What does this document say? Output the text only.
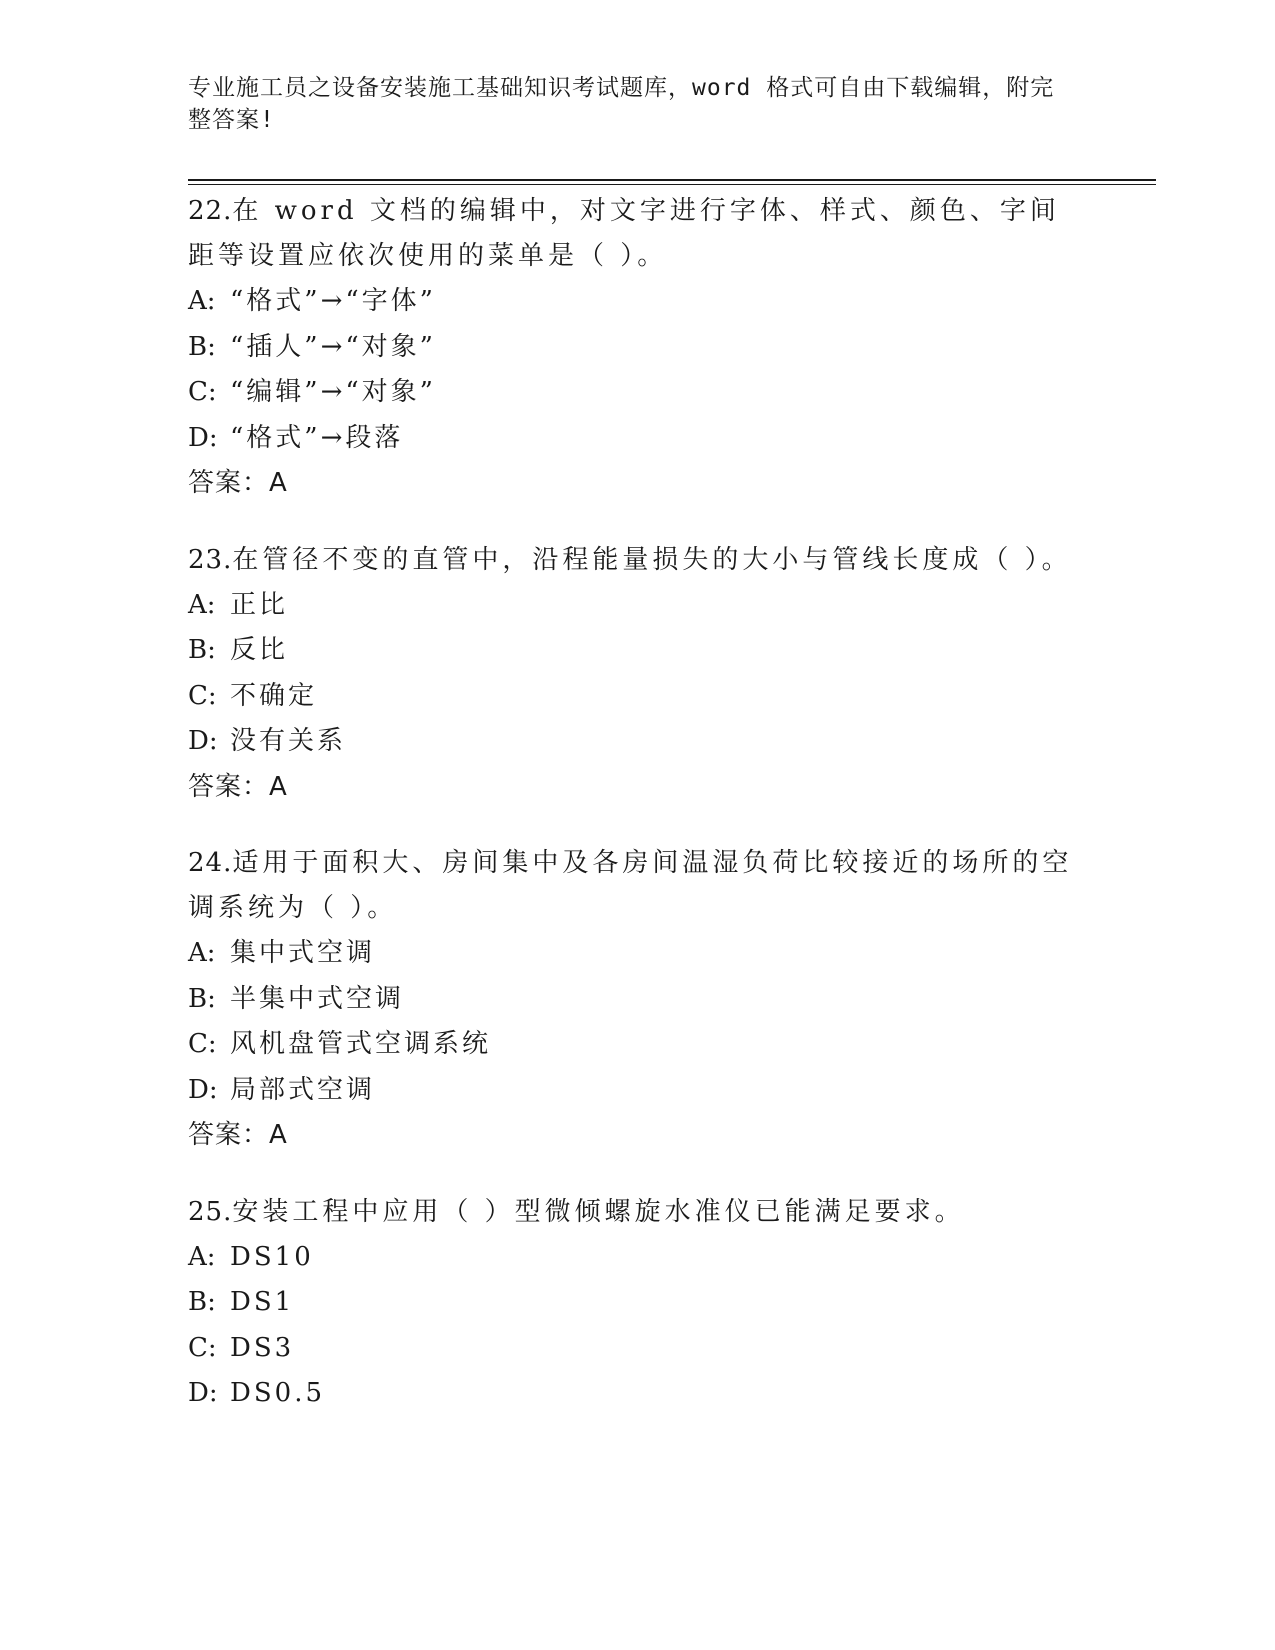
专业施工员之设备安装施工基础知识考试题库，word 格式可自由下载编辑，附完整答案!
22.在 word 文档的编辑中，对文字进行字体、样式、颜色、字间距等设置应依次使用的菜单是（ ）。
A: “格式”→“字体”
B: “插人”→“对象”
C: “编辑”→“对象”
D: “格式”→段落
答案：A
23.在管径不变的直管中，沿程能量损失的大小与管线长度成（ ）。
A: 正比
B: 反比
C: 不确定
D: 没有关系
答案：A
24.适用于面积大、房间集中及各房间温湿负荷比较接近的场所的空调系统为（ ）。
A: 集中式空调
B: 半集中式空调
C: 风机盘管式空调系统
D: 局部式空调
答案：A
25.安装工程中应用（ ）型微倾螺旋水准仪已能满足要求。
A: DS10
B: DS1
C: DS3
D: DS0.5
